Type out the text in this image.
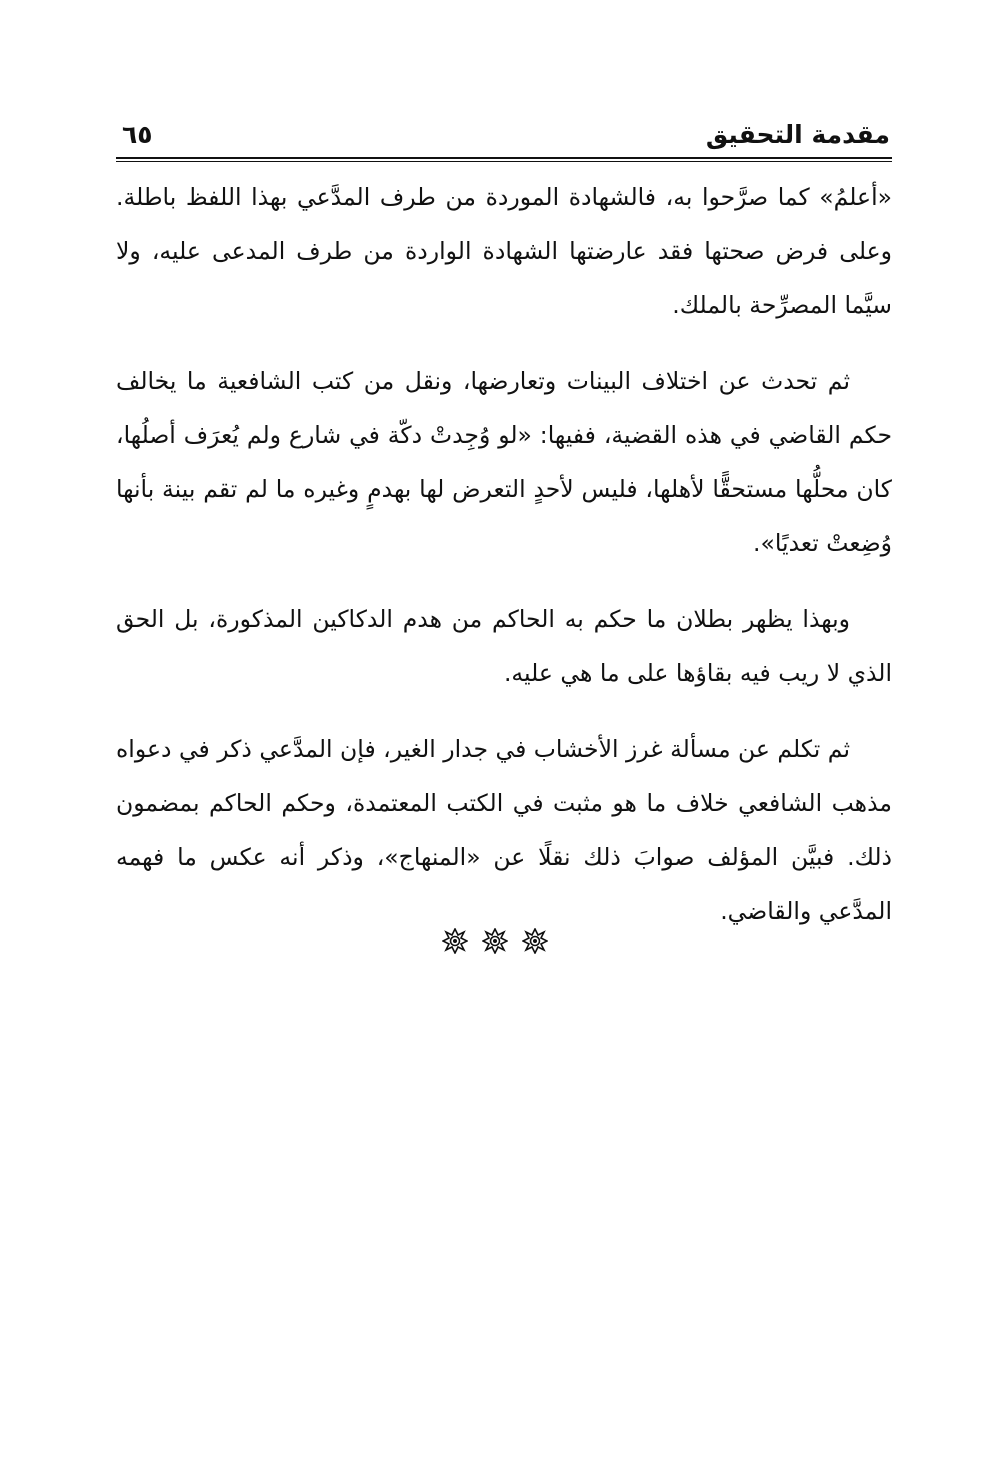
مقدمة التحقيق
٦٥

«أعلمُ» كما صرَّحوا به، فالشهادة الموردة من طرف المدَّعي بهذا اللفظ باطلة. وعلى فرض صحتها فقد عارضتها الشهادة الواردة من طرف المدعى عليه، ولا سيَّما المصرِّحة بالملك.

ثم تحدث عن اختلاف البينات وتعارضها، ونقل من كتب الشافعية ما يخالف حكم القاضي في هذه القضية، ففيها: «لو وُجِدتْ دكّة في شارع ولم يُعرَف أصلُها، كان محلُّها مستحقًّا لأهلها، فليس لأحدٍ التعرض لها بهدمٍ وغيره ما لم تقم بينة بأنها وُضِعتْ تعديًا».

وبهذا يظهر بطلان ما حكم به الحاكم من هدم الدكاكين المذكورة، بل الحق الذي لا ريب فيه بقاؤها على ما هي عليه.

ثم تكلم عن مسألة غرز الأخشاب في جدار الغير، فإن المدَّعي ذكر في دعواه مذهب الشافعي خلاف ما هو مثبت في الكتب المعتمدة، وحكم الحاكم بمضمون ذلك. فبيَّن المؤلف صوابَ ذلك نقلًا عن «المنهاج»، وذكر أنه عكس ما فهمه المدَّعي والقاضي.
